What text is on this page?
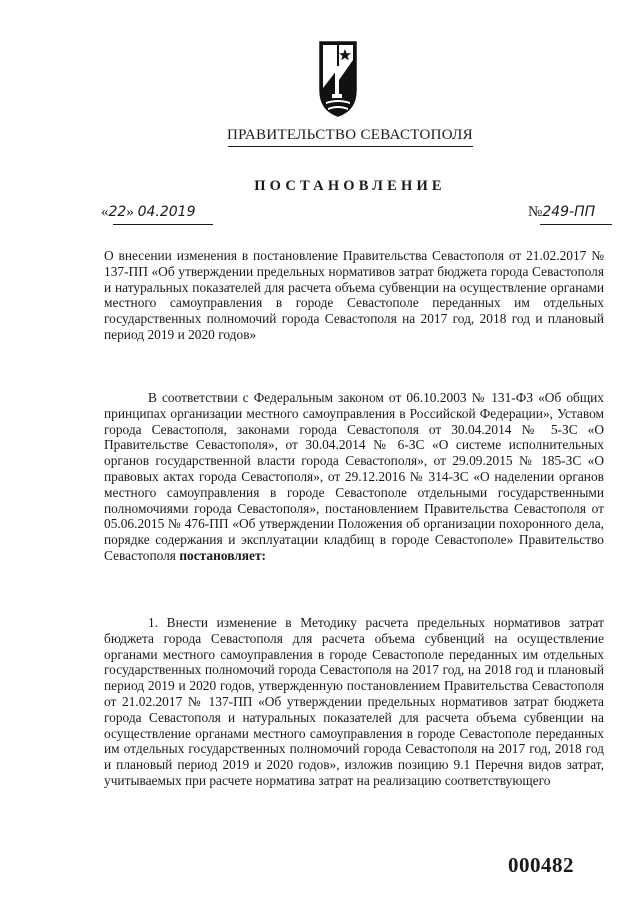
ПРАВИТЕЛЬСТВО СЕВАСТОПОЛЯ
ПОСТАНОВЛЕНИЕ
«22» 04.2019	№249-ПП
О внесении изменения в постановление Правительства Севастополя от 21.02.2017 № 137-ПП «Об утверждении предельных нормативов затрат бюджета города Севастополя и натуральных показателей для расчета объема субвенции на осуществление органами местного самоуправления в городе Севастополе переданных им отдельных государственных полномочий города Севастополя на 2017 год, 2018 год и плановый период 2019 и 2020 годов»
В соответствии с Федеральным законом от 06.10.2003 № 131-ФЗ «Об общих принципах организации местного самоуправления в Российской Федерации», Уставом города Севастополя, законами города Севастополя от 30.04.2014 № 5-ЗС «О Правительстве Севастополя», от 30.04.2014 № 6-ЗС «О системе исполнительных органов государственной власти города Севастополя», от 29.09.2015 № 185-ЗС «О правовых актах города Севастополя», от 29.12.2016 № 314-ЗС «О наделении органов местного самоуправления в городе Севастополе отдельными государственными полномочиями города Севастополя», постановлением Правительства Севастополя от 05.06.2015 № 476-ПП «Об утверждении Положения об организации похоронного дела, порядке содержания и эксплуатации кладбищ в городе Севастополе» Правительство Севастополя постановляет:
1. Внести изменение в Методику расчета предельных нормативов затрат бюджета города Севастополя для расчета объема субвенций на осуществление органами местного самоуправления в городе Севастополе переданных им отдельных государственных полномочий города Севастополя на 2017 год, на 2018 год и плановый период 2019 и 2020 годов, утвержденную постановлением Правительства Севастополя от 21.02.2017 № 137-ПП «Об утверждении предельных нормативов затрат бюджета города Севастополя и натуральных показателей для расчета объема субвенции на осуществление органами местного самоуправления в городе Севастополе переданных им отдельных государственных полномочий города Севастополя на 2017 год, 2018 год и плановый период 2019 и 2020 годов», изложив позицию 9.1 Перечня видов затрат, учитываемых при расчете норматива затрат на реализацию соответствующего
000482
